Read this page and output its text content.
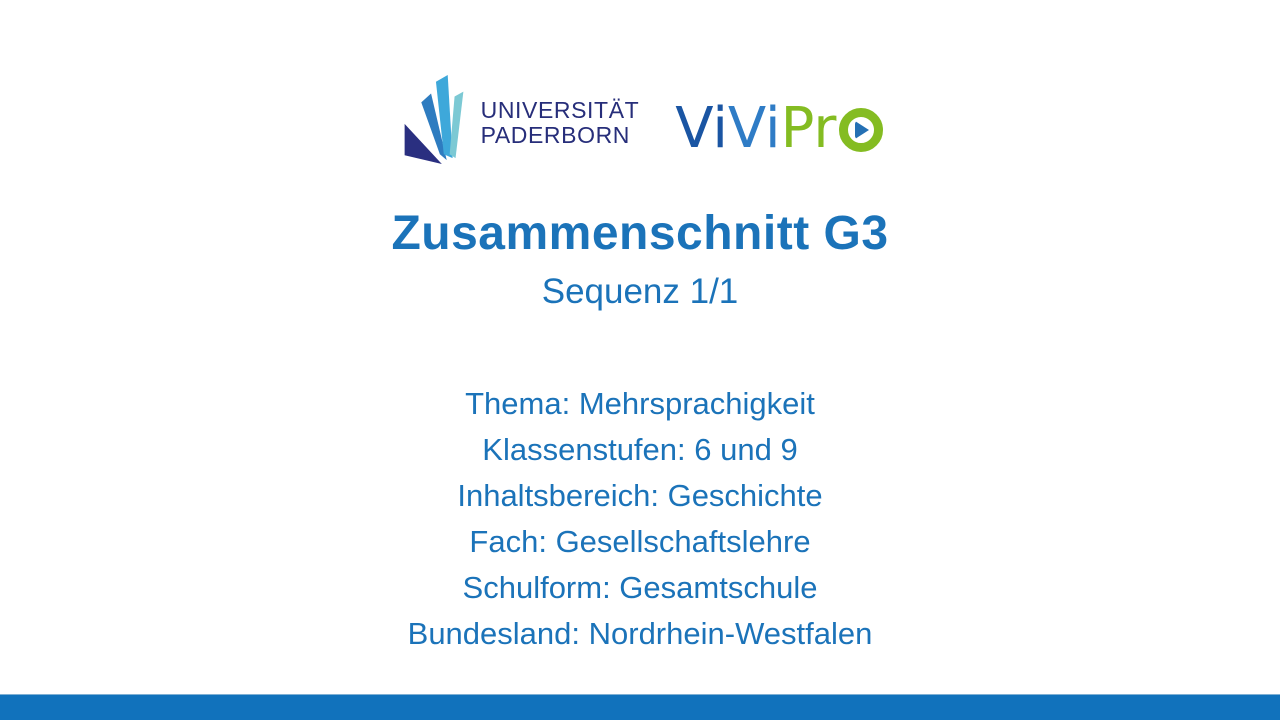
UNIVERSITÄT
PADERBORN Vi Vi Pr
Zusammenschnitt G3
Sequenz 1/1
Thema: Mehrsprachigkeit
Klassenstufen: 6 und 9
Inhaltsbereich: Geschichte
Fach: Gesellschaftslehre
Schulform: Gesamtschule
Bundesland: Nordrhein-Westfalen
